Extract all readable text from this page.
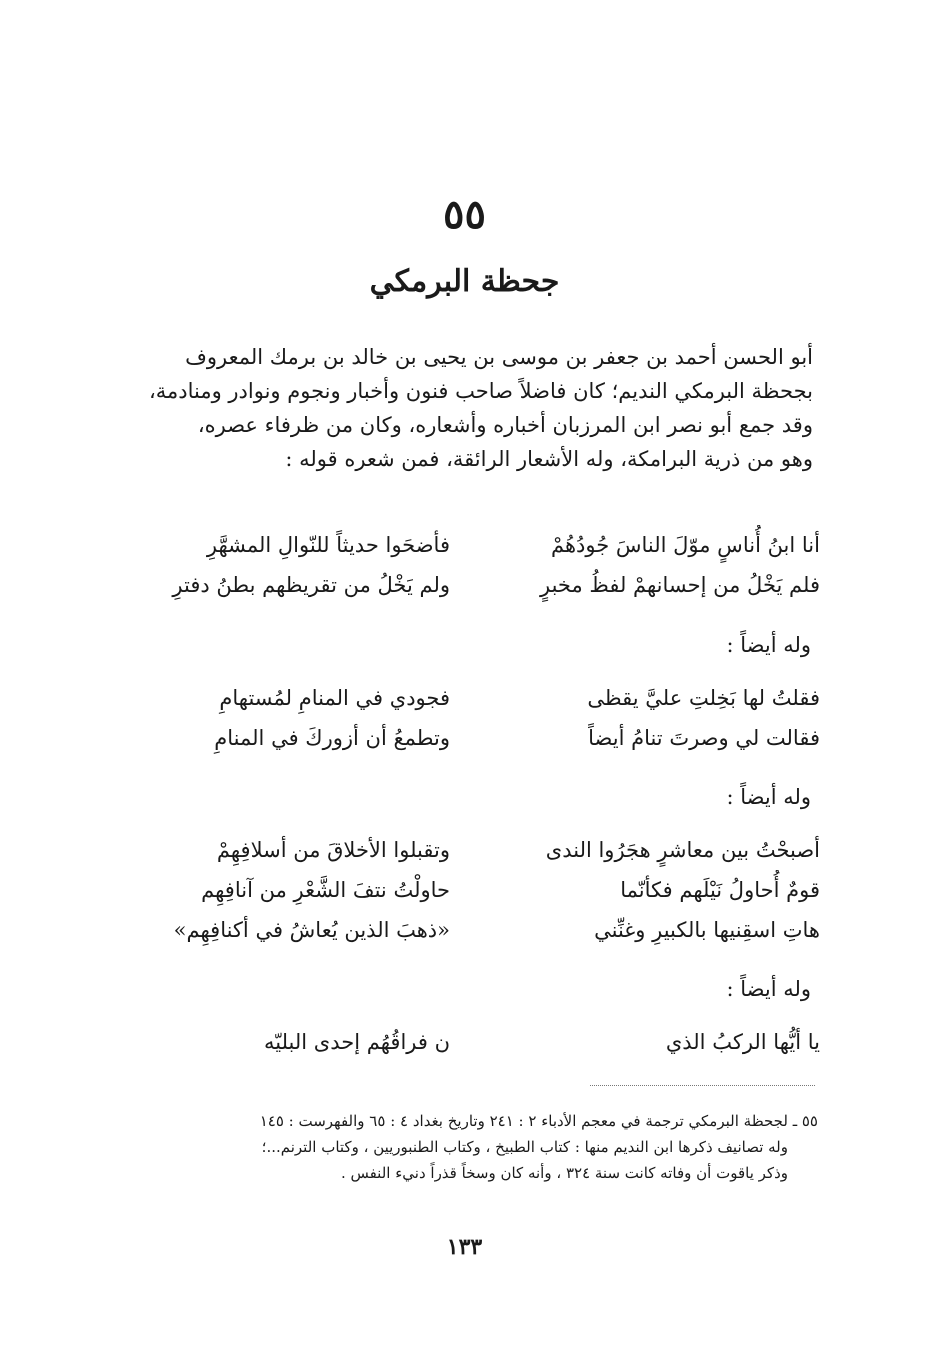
٥٥
جحظة البرمكي
أبو الحسن أحمد بن جعفر بن موسى بن يحيى بن خالد بن برمك المعروف
بجحظة البرمكي النديم؛ كان فاضلاً صاحب فنون وأخبار ونجوم ونوادر ومنادمة،
وقد جمع أبو نصر ابن المرزبان أخباره وأشعاره، وكان من ظرفاء عصره،
وهو من ذرية البرامكة، وله الأشعار الرائقة، فمن شعره قوله :
أنا ابنُ أُناسٍ موّلَ الناسَ جُودُهُمْ
فأضحَوا حديثاً للنّوالِ المشهَّرِ
فلم يَخْلُ من إحسانهمْ لفظُ مخبرٍ
ولم يَخْلُ من تقريظهم بطنُ دفترِ
وله أيضاً :
فقلتُ لها بَخِلتِ عليَّ يقظى
فجودي في المنامِ لمُستهامِ
فقالت لي وصرتَ تنامُ أيضاً
وتطمعُ أن أزوركَ في المنامِ
وله أيضاً :
أصبحْتُ بين معاشرٍ هجَرُوا الندى
وتقبلوا الأخلاقَ من أسلافِهِمْ
قومٌ أُحاولُ نَيْلَهم فكأنّما
حاولْتُ نتفَ الشَّعْرِ من آنافِهِم
هاتِ اسقِنيها بالكبيرِ وغنِّني
«ذهبَ الذين يُعاشُ في أكنافِهِم»
وله أيضاً :
يا أيُّها الركبُ الذي
ن فراقُهُم إحدى البليّه
٥٥ ـ لجحظة البرمكي ترجمة في معجم الأدباء ٢ : ٢٤١ وتاريخ بغداد ٤ : ٦٥ والفهرست : ١٤٥
وله تصانيف ذكرها ابن النديم منها : كتاب الطبيخ ، وكتاب الطنبوريين ، وكتاب الترنم...؛
وذكر ياقوت أن وفاته كانت سنة ٣٢٤ ، وأنه كان وسخاً قذراً دنيء النفس .
١٣٣
